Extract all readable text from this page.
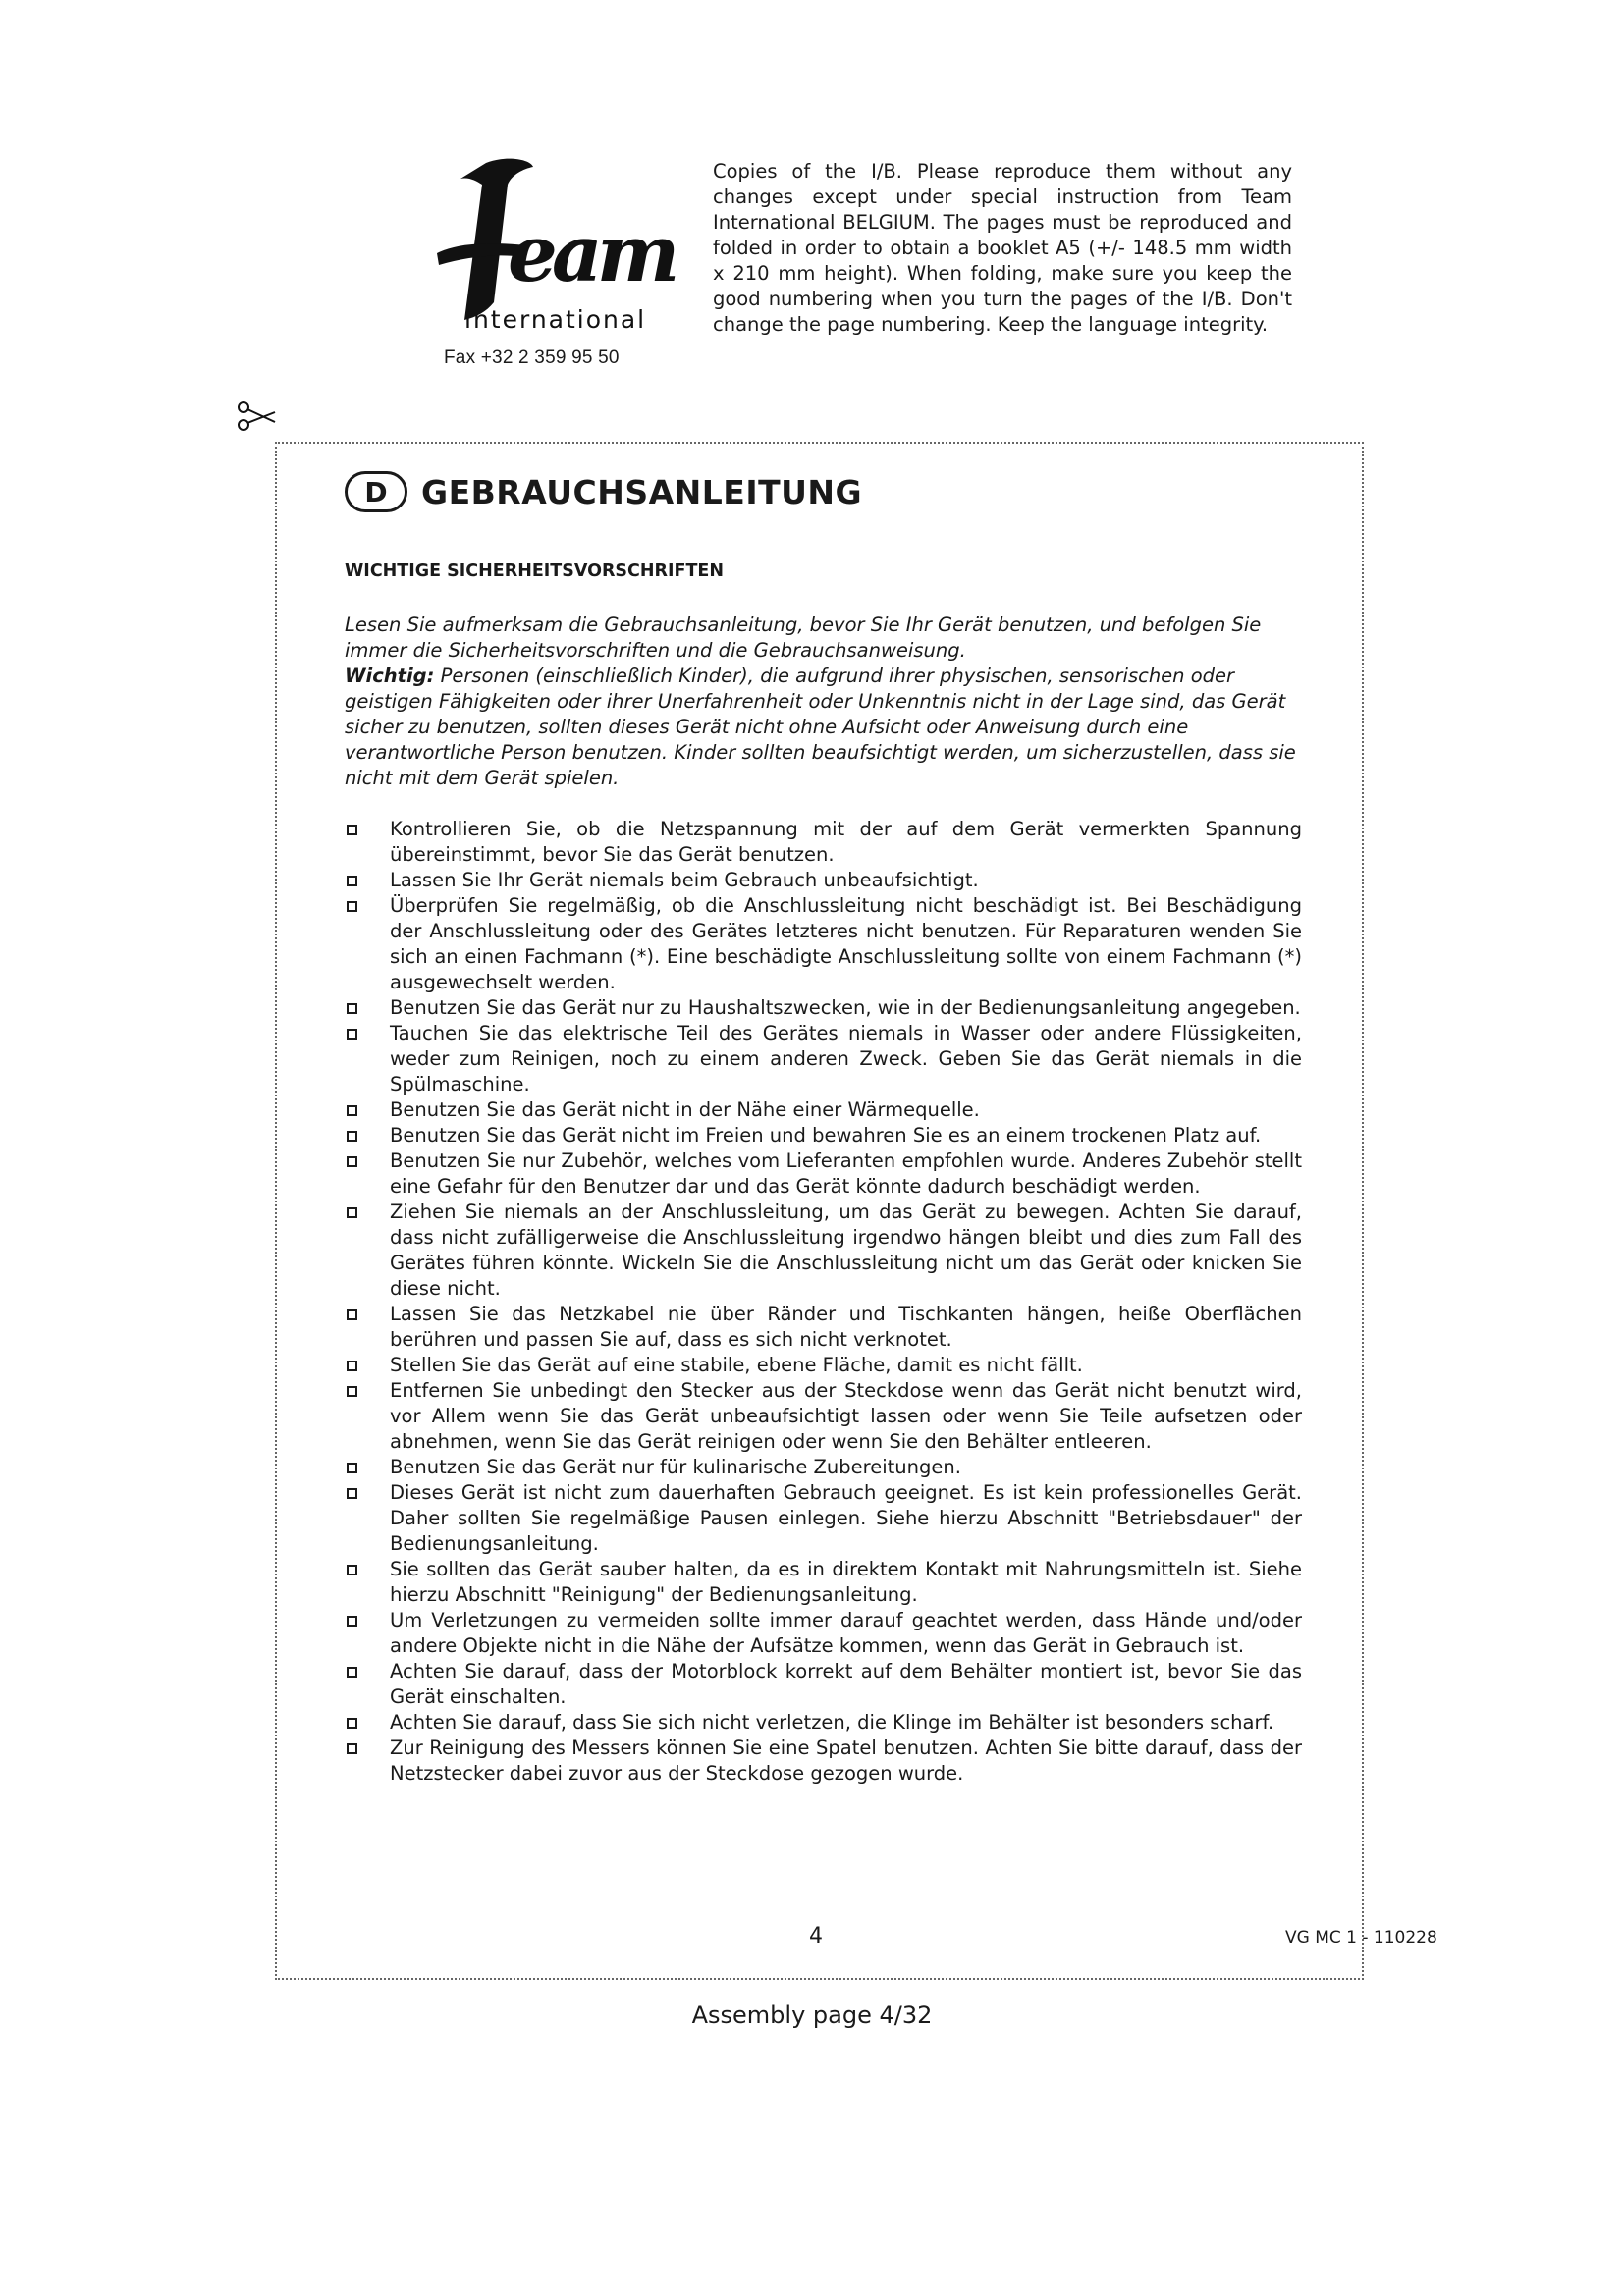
eam
international
Fax +32 2 359 95 50
Copies of the I/B. Please reproduce them without any changes except under special instruction from Team International BELGIUM. The pages must be reproduced and folded in order to obtain a booklet A5 (+/- 148.5 mm width x 210 mm height). When folding, make sure you keep the good numbering when you turn the pages of the I/B. Don't change the page numbering. Keep the language integrity.
D	GEBRAUCHSANLEITUNG
WICHTIGE SICHERHEITSVORSCHRIFTEN

Lesen Sie aufmerksam die Gebrauchsanleitung, bevor Sie Ihr Gerät benutzen, und befolgen Sie immer die Sicherheitsvorschriften und die Gebrauchsanweisung.

Wichtig: Personen (einschließlich Kinder), die aufgrund ihrer physischen, sensorischen oder geistigen Fähigkeiten oder ihrer Unerfahrenheit oder Unkenntnis nicht in der Lage sind, das Gerät sicher zu benutzen, sollten dieses Gerät nicht ohne Aufsicht oder Anweisung durch eine verantwortliche Person benutzen. Kinder sollten beaufsichtigt werden, um sicherzustellen, dass sie nicht mit dem Gerät spielen.

Kontrollieren Sie, ob die Netzspannung mit der auf dem Gerät vermerkten Spannung übereinstimmt, bevor Sie das Gerät benutzen.
Lassen Sie Ihr Gerät niemals beim Gebrauch unbeaufsichtigt.
Überprüfen Sie regelmäßig, ob die Anschlussleitung nicht beschädigt ist. Bei Beschädigung der Anschlussleitung oder des Gerätes letzteres nicht benutzen. Für Reparaturen wenden Sie sich an einen Fachmann (*). Eine beschädigte Anschlussleitung sollte von einem Fachmann (*) ausgewechselt werden.
Benutzen Sie das Gerät nur zu Haushaltszwecken, wie in der Bedienungsanleitung angegeben.
Tauchen Sie das elektrische Teil des Gerätes niemals in Wasser oder andere Flüssigkeiten, weder zum Reinigen, noch zu einem anderen Zweck. Geben Sie das Gerät niemals in die Spülmaschine.
Benutzen Sie das Gerät nicht in der Nähe einer Wärmequelle.
Benutzen Sie das Gerät nicht im Freien und bewahren Sie es an einem trockenen Platz auf.
Benutzen Sie nur Zubehör, welches vom Lieferanten empfohlen wurde. Anderes Zubehör stellt eine Gefahr für den Benutzer dar und das Gerät könnte dadurch beschädigt werden.
Ziehen Sie niemals an der Anschlussleitung, um das Gerät zu bewegen. Achten Sie darauf, dass nicht zufälligerweise die Anschlussleitung irgendwo hängen bleibt und dies zum Fall des Gerätes führen könnte. Wickeln Sie die Anschlussleitung nicht um das Gerät oder knicken Sie diese nicht.
Lassen Sie das Netzkabel nie über Ränder und Tischkanten hängen, heiße Oberflächen berühren und passen Sie auf, dass es sich nicht verknotet.
Stellen Sie das Gerät auf eine stabile, ebene Fläche, damit es nicht fällt.
Entfernen Sie unbedingt den Stecker aus der Steckdose wenn das Gerät nicht benutzt wird, vor Allem wenn Sie das Gerät unbeaufsichtigt lassen oder wenn Sie Teile aufsetzen oder abnehmen, wenn Sie das Gerät reinigen oder wenn Sie den Behälter entleeren.
Benutzen Sie das Gerät nur für kulinarische Zubereitungen.
Dieses Gerät ist nicht zum dauerhaften Gebrauch geeignet. Es ist kein professionelles Gerät. Daher sollten Sie regelmäßige Pausen einlegen. Siehe hierzu Abschnitt "Betriebsdauer" der Bedienungsanleitung.
Sie sollten das Gerät sauber halten, da es in direktem Kontakt mit Nahrungsmitteln ist. Siehe hierzu Abschnitt "Reinigung" der Bedienungsanleitung.
Um Verletzungen zu vermeiden sollte immer darauf geachtet werden, dass Hände und/oder andere Objekte nicht in die Nähe der Aufsätze kommen, wenn das Gerät in Gebrauch ist.
Achten Sie darauf, dass der Motorblock korrekt auf dem Behälter montiert ist, bevor Sie das Gerät einschalten.
Achten Sie darauf, dass Sie sich nicht verletzen, die Klinge im Behälter ist besonders scharf.
Zur Reinigung des Messers können Sie eine Spatel benutzen. Achten Sie bitte darauf, dass der Netzstecker dabei zuvor aus der Steckdose gezogen wurde.
4	VG MC 1 - 110228
Assembly page 4/32
